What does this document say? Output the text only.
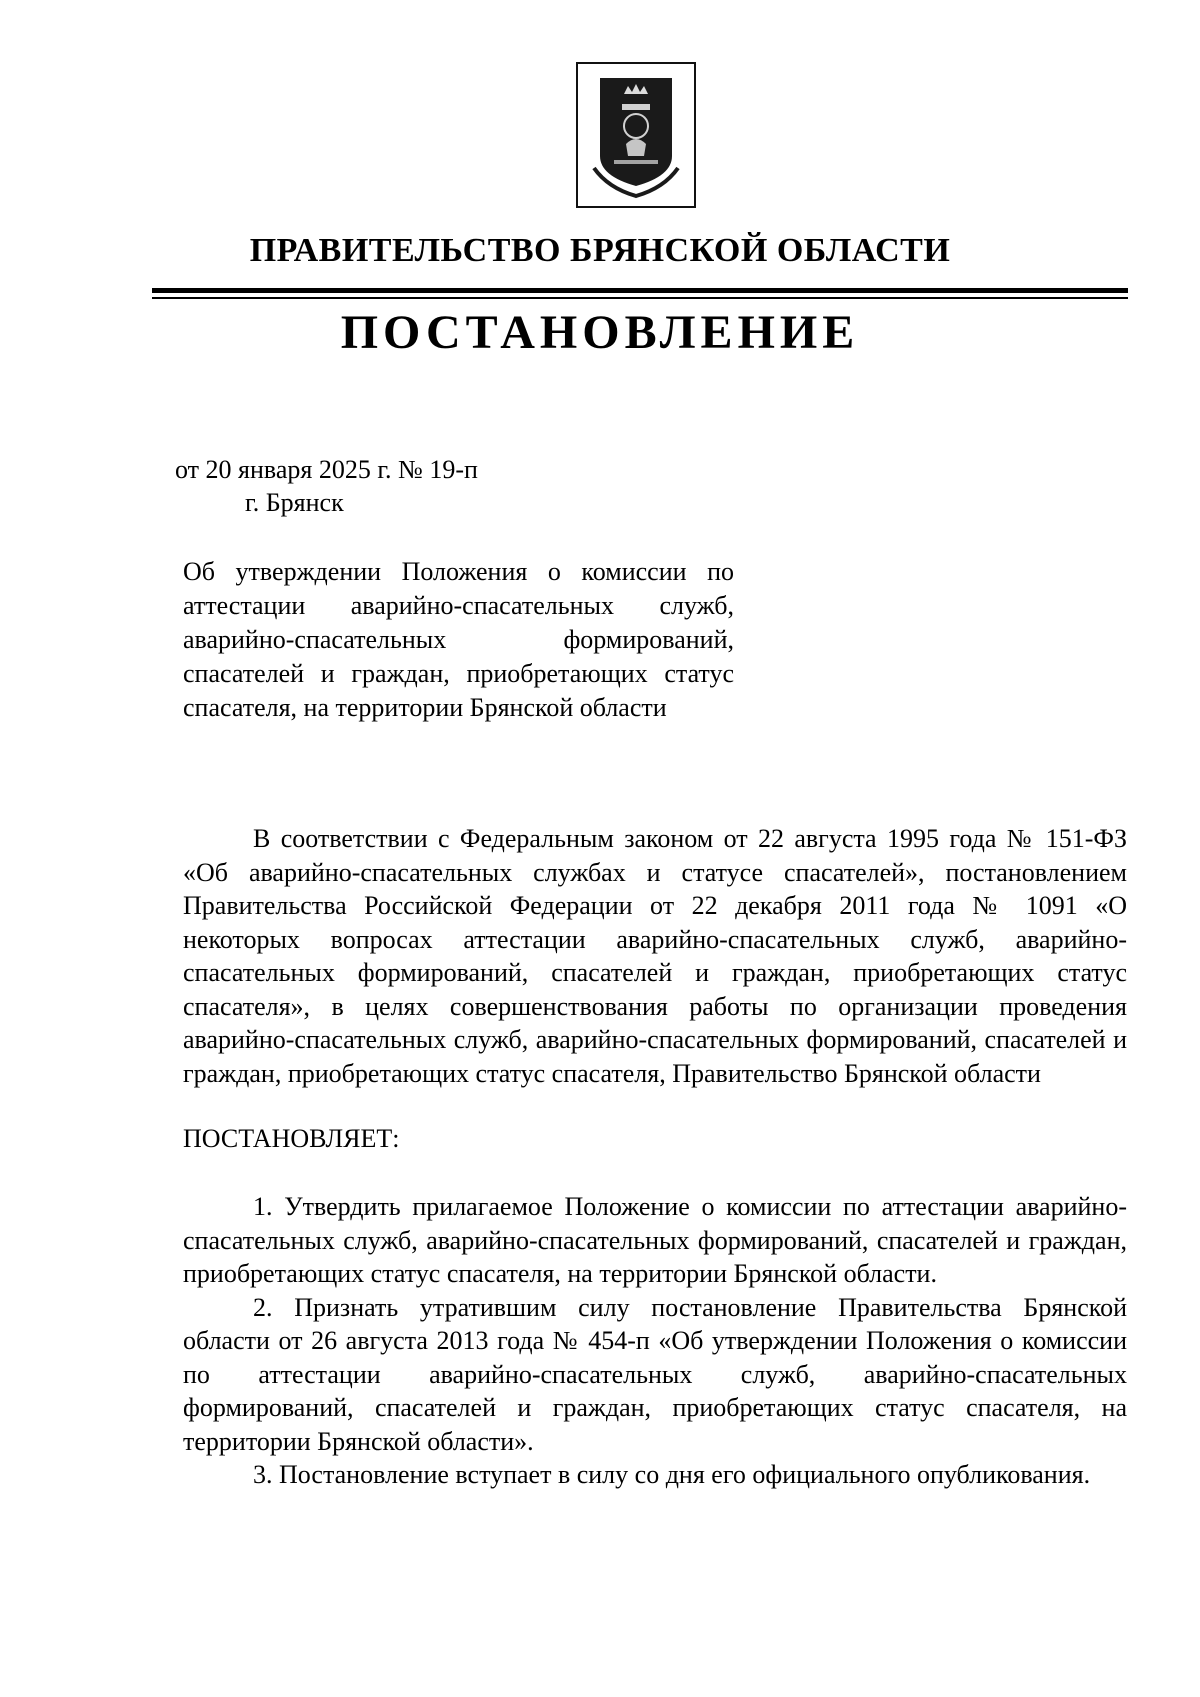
ПРАВИТЕЛЬСТВО БРЯНСКОЙ ОБЛАСТИ
ПОСТАНОВЛЕНИЕ
от 20 января 2025 г. № 19-п
г. Брянск

Об утверждении Положения о комиссии по аттестации аварийно-спасательных служб, аварийно-спасательных формирований, спасателей и граждан, приобретающих статус спасателя, на территории Брянской области

В соответствии с Федеральным законом от 22 августа 1995 года № 151-ФЗ «Об аварийно-спасательных службах и статусе спасателей», постановлением Правительства Российской Федерации от 22 декабря 2011 года № 1091 «О некоторых вопросах аттестации аварийно-спасательных служб, аварийно-спасательных формирований, спасателей и граждан, приобретающих статус спасателя», в целях совершенствования работы по организации проведения аварийно-спасательных служб, аварийно-спасательных формирований, спасателей и граждан, приобретающих статус спасателя, Правительство Брянской области

ПОСТАНОВЛЯЕТ:

1. Утвердить прилагаемое Положение о комиссии по аттестации аварийно-спасательных служб, аварийно-спасательных формирований, спасателей и граждан, приобретающих статус спасателя, на территории Брянской области.

2. Признать утратившим силу постановление Правительства Брянской области от 26 августа 2013 года № 454-п «Об утверждении Положения о комиссии по аттестации аварийно-спасательных служб, аварийно-спасательных формирований, спасателей и граждан, приобретающих статус спасателя, на территории Брянской области».

3. Постановление вступает в силу со дня его официального опубликования.
